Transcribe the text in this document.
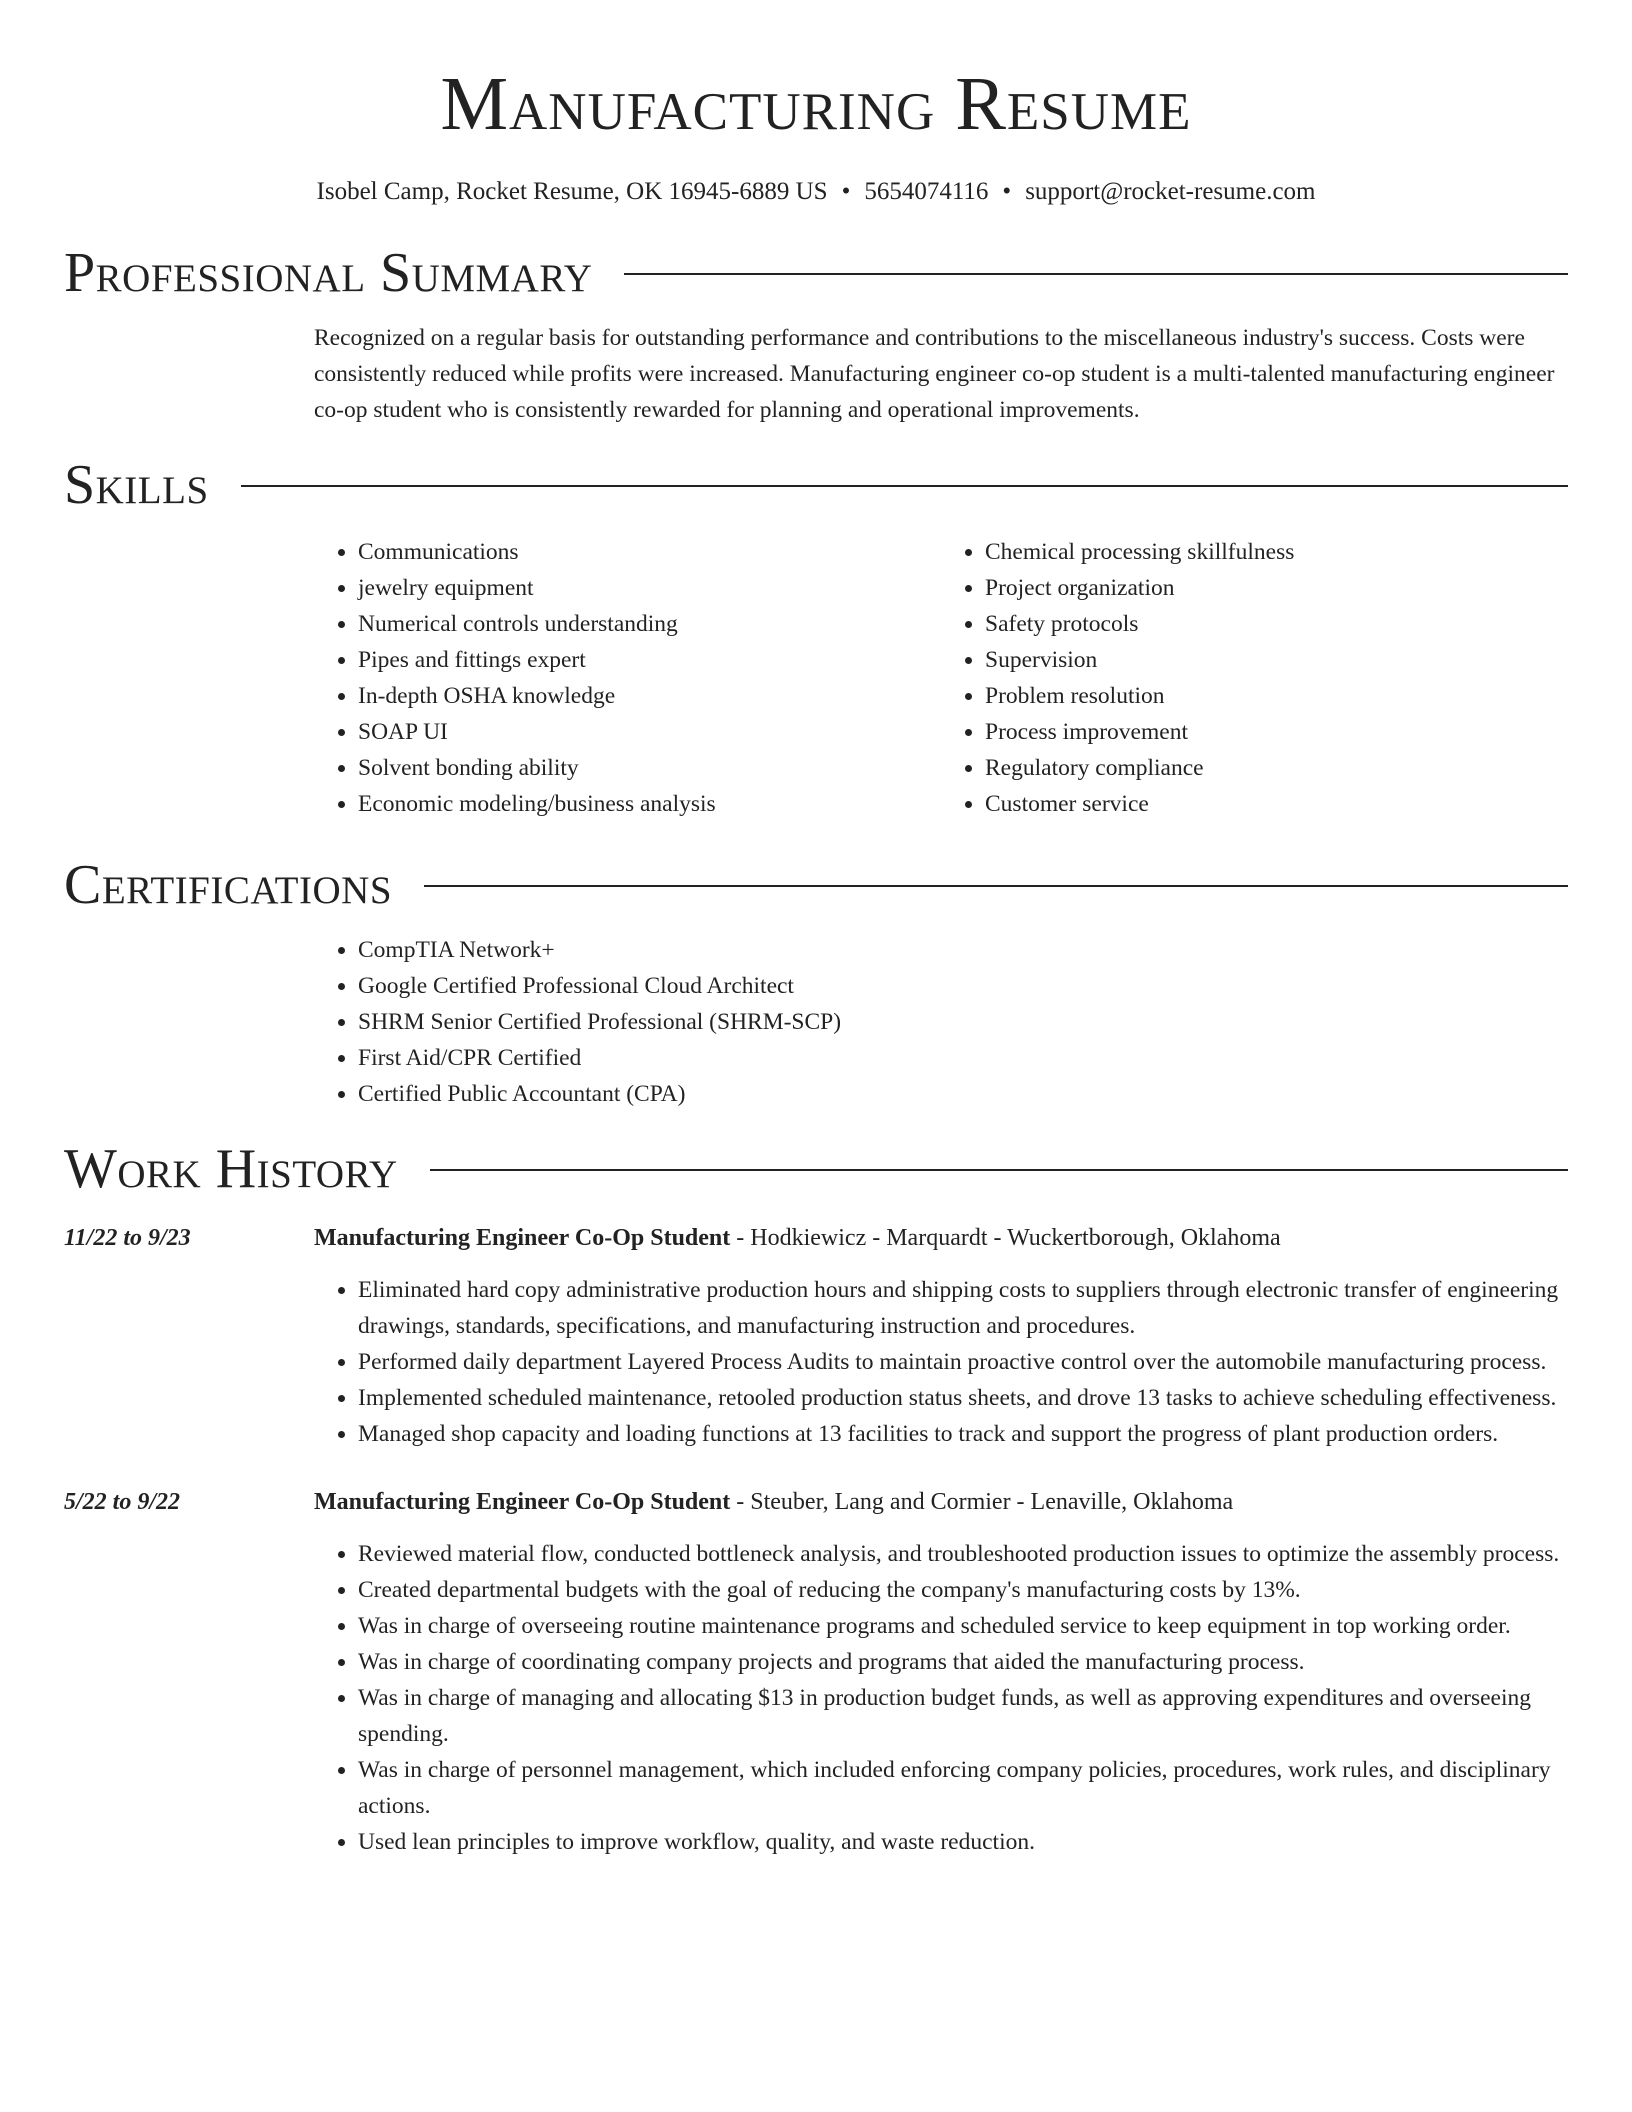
Manufacturing Resume
Isobel Camp, Rocket Resume, OK 16945-6889 US • 5654074116 • support@rocket-resume.com
Professional Summary
Recognized on a regular basis for outstanding performance and contributions to the miscellaneous industry's success. Costs were consistently reduced while profits were increased. Manufacturing engineer co-op student is a multi-talented manufacturing engineer co-op student who is consistently rewarded for planning and operational improvements.
Skills
• Communications
• jewelry equipment
• Numerical controls understanding
• Pipes and fittings expert
• In-depth OSHA knowledge
• SOAP UI
• Solvent bonding ability
• Economic modeling/business analysis
• Chemical processing skillfulness
• Project organization
• Safety protocols
• Supervision
• Problem resolution
• Process improvement
• Regulatory compliance
• Customer service
Certifications
• CompTIA Network+
• Google Certified Professional Cloud Architect
• SHRM Senior Certified Professional (SHRM-SCP)
• First Aid/CPR Certified
• Certified Public Accountant (CPA)
Work History
11/22 to 9/23	Manufacturing Engineer Co-Op Student - Hodkiewicz - Marquardt - Wuckertborough, Oklahoma
• Eliminated hard copy administrative production hours and shipping costs to suppliers through electronic transfer of engineering drawings, standards, specifications, and manufacturing instruction and procedures.
• Performed daily department Layered Process Audits to maintain proactive control over the automobile manufacturing process.
• Implemented scheduled maintenance, retooled production status sheets, and drove 13 tasks to achieve scheduling effectiveness.
• Managed shop capacity and loading functions at 13 facilities to track and support the progress of plant production orders.
5/22 to 9/22	Manufacturing Engineer Co-Op Student - Steuber, Lang and Cormier - Lenaville, Oklahoma
• Reviewed material flow, conducted bottleneck analysis, and troubleshooted production issues to optimize the assembly process.
• Created departmental budgets with the goal of reducing the company's manufacturing costs by 13%.
• Was in charge of overseeing routine maintenance programs and scheduled service to keep equipment in top working order.
• Was in charge of coordinating company projects and programs that aided the manufacturing process.
• Was in charge of managing and allocating $13 in production budget funds, as well as approving expenditures and overseeing spending.
• Was in charge of personnel management, which included enforcing company policies, procedures, work rules, and disciplinary actions.
• Used lean principles to improve workflow, quality, and waste reduction.
